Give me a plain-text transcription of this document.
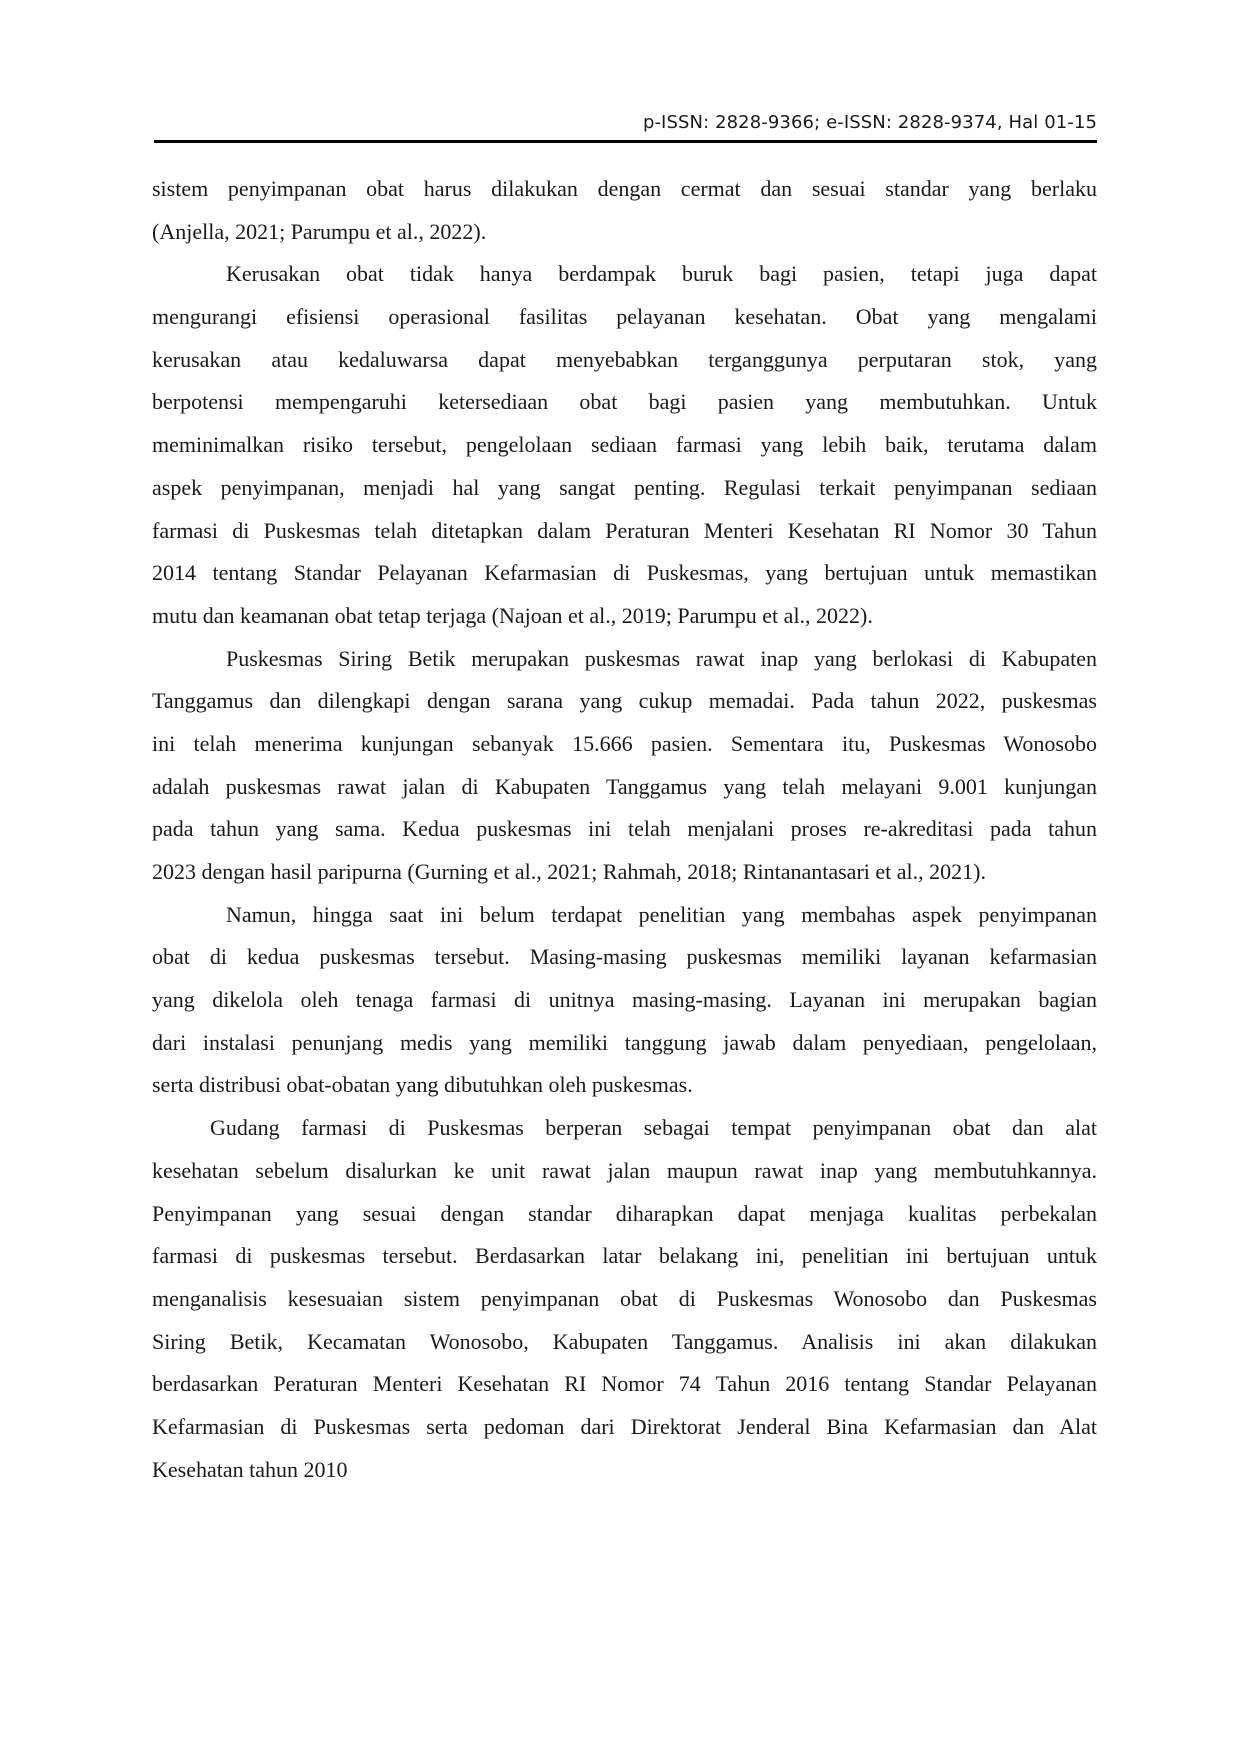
p-ISSN: 2828-9366; e-ISSN: 2828-9374, Hal 01-15

sistem penyimpanan obat harus dilakukan dengan cermat dan sesuai standar yang berlaku
(Anjella, 2021; Parumpu et al., 2022).

Kerusakan obat tidak hanya berdampak buruk bagi pasien, tetapi juga dapat
mengurangi efisiensi operasional fasilitas pelayanan kesehatan. Obat yang mengalami
kerusakan atau kedaluwarsa dapat menyebabkan terganggunya perputaran stok, yang
berpotensi mempengaruhi ketersediaan obat bagi pasien yang membutuhkan. Untuk
meminimalkan risiko tersebut, pengelolaan sediaan farmasi yang lebih baik, terutama dalam
aspek penyimpanan, menjadi hal yang sangat penting. Regulasi terkait penyimpanan sediaan
farmasi di Puskesmas telah ditetapkan dalam Peraturan Menteri Kesehatan RI Nomor 30 Tahun
2014 tentang Standar Pelayanan Kefarmasian di Puskesmas, yang bertujuan untuk memastikan
mutu dan keamanan obat tetap terjaga (Najoan et al., 2019; Parumpu et al., 2022).

Puskesmas Siring Betik merupakan puskesmas rawat inap yang berlokasi di Kabupaten
Tanggamus dan dilengkapi dengan sarana yang cukup memadai. Pada tahun 2022, puskesmas
ini telah menerima kunjungan sebanyak 15.666 pasien. Sementara itu, Puskesmas Wonosobo
adalah puskesmas rawat jalan di Kabupaten Tanggamus yang telah melayani 9.001 kunjungan
pada tahun yang sama. Kedua puskesmas ini telah menjalani proses re-akreditasi pada tahun
2023 dengan hasil paripurna (Gurning et al., 2021; Rahmah, 2018; Rintanantasari et al., 2021).

Namun, hingga saat ini belum terdapat penelitian yang membahas aspek penyimpanan
obat di kedua puskesmas tersebut. Masing-masing puskesmas memiliki layanan kefarmasian
yang dikelola oleh tenaga farmasi di unitnya masing-masing. Layanan ini merupakan bagian
dari instalasi penunjang medis yang memiliki tanggung jawab dalam penyediaan, pengelolaan,
serta distribusi obat-obatan yang dibutuhkan oleh puskesmas.

Gudang farmasi di Puskesmas berperan sebagai tempat penyimpanan obat dan alat
kesehatan sebelum disalurkan ke unit rawat jalan maupun rawat inap yang membutuhkannya.
Penyimpanan yang sesuai dengan standar diharapkan dapat menjaga kualitas perbekalan
farmasi di puskesmas tersebut. Berdasarkan latar belakang ini, penelitian ini bertujuan untuk
menganalisis kesesuaian sistem penyimpanan obat di Puskesmas Wonosobo dan Puskesmas
Siring Betik, Kecamatan Wonosobo, Kabupaten Tanggamus. Analisis ini akan dilakukan
berdasarkan Peraturan Menteri Kesehatan RI Nomor 74 Tahun 2016 tentang Standar Pelayanan
Kefarmasian di Puskesmas serta pedoman dari Direktorat Jenderal Bina Kefarmasian dan Alat
Kesehatan tahun 2010
